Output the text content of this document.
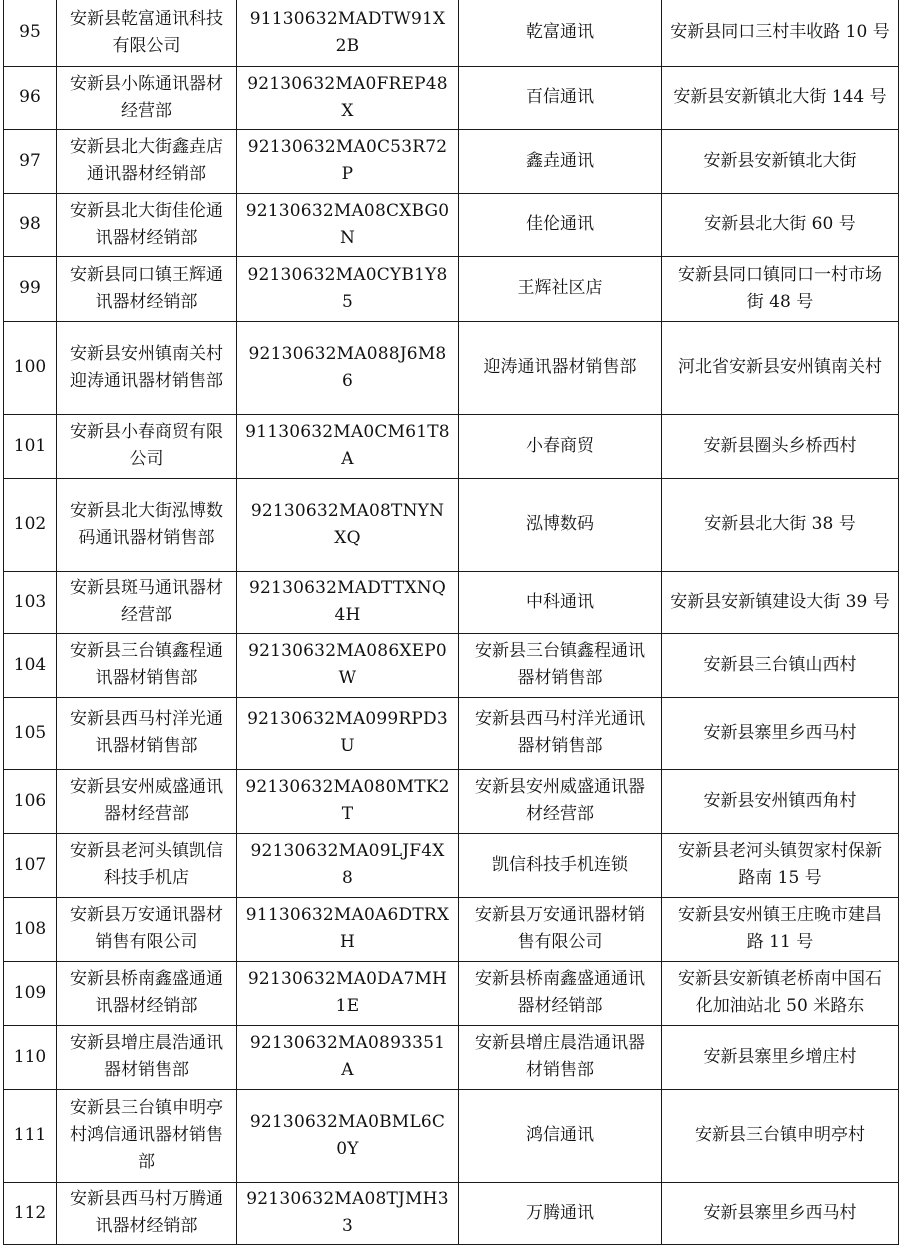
95	安新县乾富通讯科技有限公司	91130632MADTW91X2B	乾富通讯	安新县同口三村丰收路 10 号
96	安新县小陈通讯器材经营部	92130632MA0FREP48X	百信通讯	安新县安新镇北大街 144 号
97	安新县北大街鑫垚店通讯器材经销部	92130632MA0C53R72P	鑫垚通讯	安新县安新镇北大街
98	安新县北大街佳伦通讯器材经销部	92130632MA08CXBG0N	佳伦通讯	安新县北大街 60 号
99	安新县同口镇王辉通讯器材经销部	92130632MA0CYB1Y85	王辉社区店	安新县同口镇同口一村市场街 48 号
100	安新县安州镇南关村迎涛通讯器材销售部	92130632MA088J6M86	迎涛通讯器材销售部	河北省安新县安州镇南关村
101	安新县小春商贸有限公司	91130632MA0CM61T8A	小春商贸	安新县圈头乡桥西村
102	安新县北大街泓博数码通讯器材销售部	92130632MA08TNYNXQ	泓博数码	安新县北大街 38 号
103	安新县斑马通讯器材经营部	92130632MADTTXNQ4H	中科通讯	安新县安新镇建设大街 39 号
104	安新县三台镇鑫程通讯器材销售部	92130632MA086XEP0W	安新县三台镇鑫程通讯器材销售部	安新县三台镇山西村
105	安新县西马村洋光通讯器材销售部	92130632MA099RPD3U	安新县西马村洋光通讯器材销售部	安新县寨里乡西马村
106	安新县安州威盛通讯器材经营部	92130632MA080MTK2T	安新县安州威盛通讯器材经营部	安新县安州镇西角村
107	安新县老河头镇凯信科技手机店	92130632MA09LJF4X8	凯信科技手机连锁	安新县老河头镇贺家村保新路南 15 号
108	安新县万安通讯器材销售有限公司	91130632MA0A6DTRXH	安新县万安通讯器材销售有限公司	安新县安州镇王庄晚市建昌路 11 号
109	安新县桥南鑫盛通通讯器材经销部	92130632MA0DA7MH1E	安新县桥南鑫盛通通讯器材经销部	安新县安新镇老桥南中国石化加油站北 50 米路东
110	安新县增庄晨浩通讯器材销售部	92130632MA0893351A	安新县增庄晨浩通讯器材销售部	安新县寨里乡增庄村
111	安新县三台镇申明亭村鸿信通讯器材销售部	92130632MA0BML6C0Y	鸿信通讯	安新县三台镇申明亭村
112	安新县西马村万腾通讯器材经销部	92130632MA08TJMH33	万腾通讯	安新县寨里乡西马村
